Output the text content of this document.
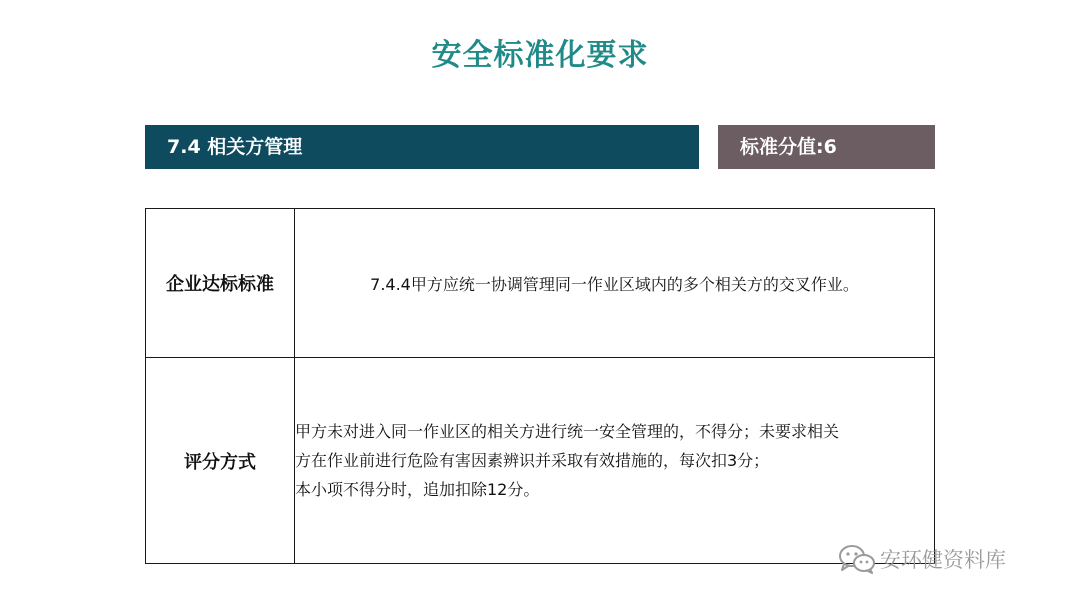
安全标准化要求
7.4 相关方管理	标准分值:6
企业达标标准	7.4.4甲方应统一协调管理同一作业区域内的多个相关方的交叉作业。
评分方式	甲方未对进入同一作业区的相关方进行统一安全管理的，不得分；未要求相关
方在作业前进行危险有害因素辨识并采取有效措施的，每次扣3分；
本小项不得分时，追加扣除12分。
安环健资料库
